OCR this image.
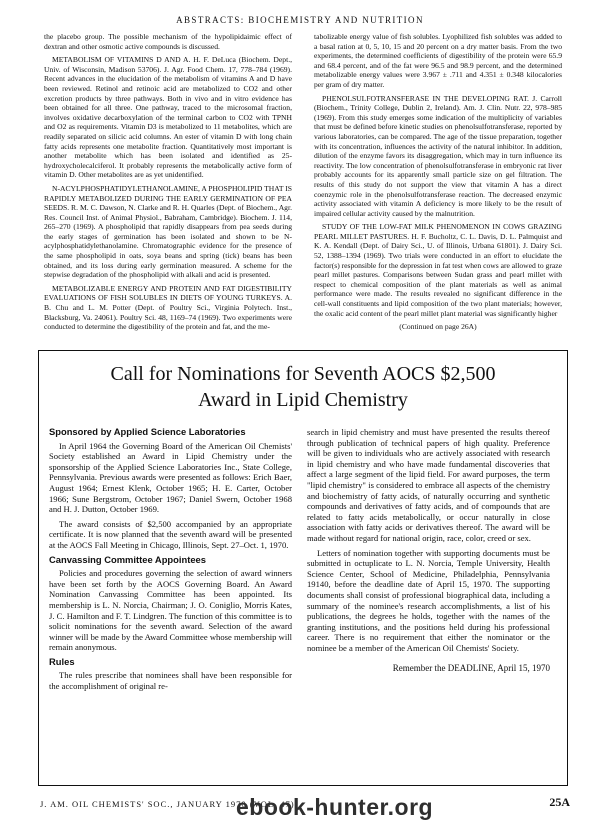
ABSTRACTS: BIOCHEMISTRY AND NUTRITION

the placebo group. The possible mechanism of the hypolipidaimic effect of dextran and other osmotic active compounds is discussed.

METABOLISM OF VITAMINS D AND A. H. F. DeLuca (Biochem. Dept., Univ. of Wisconsin, Madison 53706). J. Agr. Food Chem. 17, 778–784 (1969). Recent advances in the elucidation of the metabolism of vitamins A and D have been reviewed. Retinol and retinoic acid are metabolized to CO2 and other excretion products by three pathways. Both in vivo and in vitro evidence has been obtained for all three. One pathway, traced to the microsomal fraction, involves oxidative decarboxylation of the terminal carbon to CO2 with TPNH and O2 as requirements. Vitamin D3 is metabolized to 11 metabolites, which are readily separated on silicic acid columns. An ester of vitamin D with long chain fatty acids represents one metabolite fraction. Quantitatively most important is another metabolite which has been isolated and identified as 25-hydroxycholecalciferol. It probably represents the metabolically active form of vitamin D. Other metabolites are as yet unidentified.

N-ACYLPHOSPHATIDYLETHANOLAMINE, A PHOSPHOLIPID THAT IS RAPIDLY METABOLIZED DURING THE EARLY GERMINATION OF PEA SEEDS. R. M. C. Dawson, N. Clarke and R. H. Quarles (Dept. of Biochem., Agr. Res. Council Inst. of Animal Physiol., Babraham, Cambridge). Biochem. J. 114, 265–270 (1969). A phospholipid that rapidly disappears from pea seeds during the early stages of germination has been isolated and shown to be N-acylphosphatidylethanolamine. Chromatographic evidence for the presence of the same phospholipid in oats, soya beans and spring (tick) beans has been obtained, and its loss during early germination measured. A scheme for the stepwise degradation of the phospholipid with alkali and acid is presented.

METABOLIZABLE ENERGY AND PROTEIN AND FAT DIGESTIBILITY EVALUATIONS OF FISH SOLUBLES IN DIETS OF YOUNG TURKEYS. A. B. Chu and L. M. Potter (Dept. of Poultry Sci., Virginia Polytech. Inst., Blacksburg, Va. 24061). Poultry Sci. 48, 1169–74 (1969). Two experiments were conducted to determine the digestibility of the protein and fat, and the me-

tabolizable energy value of fish solubles. Lyophilized fish solubles was added to a basal ration at 0, 5, 10, 15 and 20 percent on a dry matter basis. From the two experiments, the determined coefficients of digestibility of the protein were 65.9 and 68.4 percent, and of the fat were 96.5 and 98.9 percent, and the determined metabolizable energy values were 3.967 ± .711 and 4.351 ± 0.348 kilocalories per gram of dry matter.

PHENOLSULFOTRANSFERASE IN THE DEVELOPING RAT. J. Carroll (Biochem., Trinity College, Dublin 2, Ireland). Am. J. Clin. Nutr. 22, 978–985 (1969). From this study emerges some indication of the multiplicity of variables that must be defined before kinetic studies on phenolsulfotransferase, reported by various laboratories, can be compared. The age of the tissue preparation, together with its concentration, influences the activity of the natural inhibitor. In addition, dilution of the enzyme favors its disaggregation, which may in turn influence its reactivity. The low concentration of phenolsulfotransferase in embryonic rat liver probably accounts for its apparently small particle size on gel filtration. The results of this study do not support the view that vitamin A has a direct coenzymic role in the phenolsulfotransferase reaction. The decreased enzymic activity associated with vitamin A deficiency is more likely to be the result of impaired cellular activity caused by the malnutrition.

STUDY OF THE LOW-FAT MILK PHENOMENON IN COWS GRAZING PEARL MILLET PASTURES. H. F. Bucholtz, C. L. Davis, D. L. Palmquist and K. A. Kendall (Dept. of Dairy Sci., U. of Illinois, Urbana 61801). J. Dairy Sci. 52, 1388–1394 (1969). Two trials were conducted in an effort to elucidate the factor(s) responsible for the depression in fat test when cows are allowed to graze pearl millet pastures. Comparisons between Sudan grass and pearl millet with respect to chemical composition of the plant materials as well as animal performance were made. The results revealed no significant difference in the cell-wall constituents and lipid composition of the two plant materials; however, the oxalic acid content of the pearl millet plant material was significantly higher

(Continued on page 26A)
Call for Nominations for Seventh AOCS $2,500
Award in Lipid Chemistry
Sponsored by Applied Science Laboratories

In April 1964 the Governing Board of the American Oil Chemists' Society established an Award in Lipid Chemistry under the sponsorship of the Applied Science Laboratories Inc., State College, Pennsylvania. Previous awards were presented as follows: Erich Baer, August 1964; Ernest Klenk, October 1965; H. E. Carter, October 1966; Sune Bergstrom, October 1967; Daniel Swern, October 1968 and H. J. Dutton, October 1969.

The award consists of $2,500 accompanied by an appropriate certificate. It is now planned that the seventh award will be presented at the AOCS Fall Meeting in Chicago, Illinois, Sept. 27–Oct. 1, 1970.

Canvassing Committee Appointees

Policies and procedures governing the selection of award winners have been set forth by the AOCS Governing Board. An Award Nomination Canvassing Committee has been appointed. Its membership is L. N. Norcia, Chairman; J. O. Coniglio, Morris Kates, J. C. Hamilton and F. T. Lindgren. The function of this committee is to solicit nominations for the seventh award. Selection of the award winner will be made by the Award Committee whose membership will remain anonymous.

Rules

The rules prescribe that nominees shall have been responsible for the accomplishment of original re-

search in lipid chemistry and must have presented the results thereof through publication of technical papers of high quality. Preference will be given to individuals who are actively associated with research in lipid chemistry and who have made fundamental discoveries that affect a large segment of the lipid field. For award purposes, the term "lipid chemistry" is considered to embrace all aspects of the chemistry and biochemistry of fatty acids, of naturally occurring and synthetic compounds and derivatives of fatty acids, and of compounds that are related to fatty acids metabolically, or occur naturally in close association with fatty acids or derivatives thereof. The award will be made without regard for national origin, race, color, creed or sex.

Letters of nomination together with supporting documents must be submitted in octuplicate to L. N. Norcia, Temple University, Health Science Center, School of Medicine, Philadelphia, Pennsylvania 19140, before the deadline date of April 15, 1970. The supporting documents shall consist of professional biographical data, including a summary of the nominee's research accomplishments, a list of his publications, the degrees he holds, together with the names of the granting institutions, and the positions held during his professional career. There is no requirement that either the nominator or the nominee be a member of the American Oil Chemists' Society.

Remember the DEADLINE, April 15, 1970
J. AM. OIL CHEMISTS' SOC., JANUARY 1970 (VOL. 47)
ebook-hunter.org	25A
